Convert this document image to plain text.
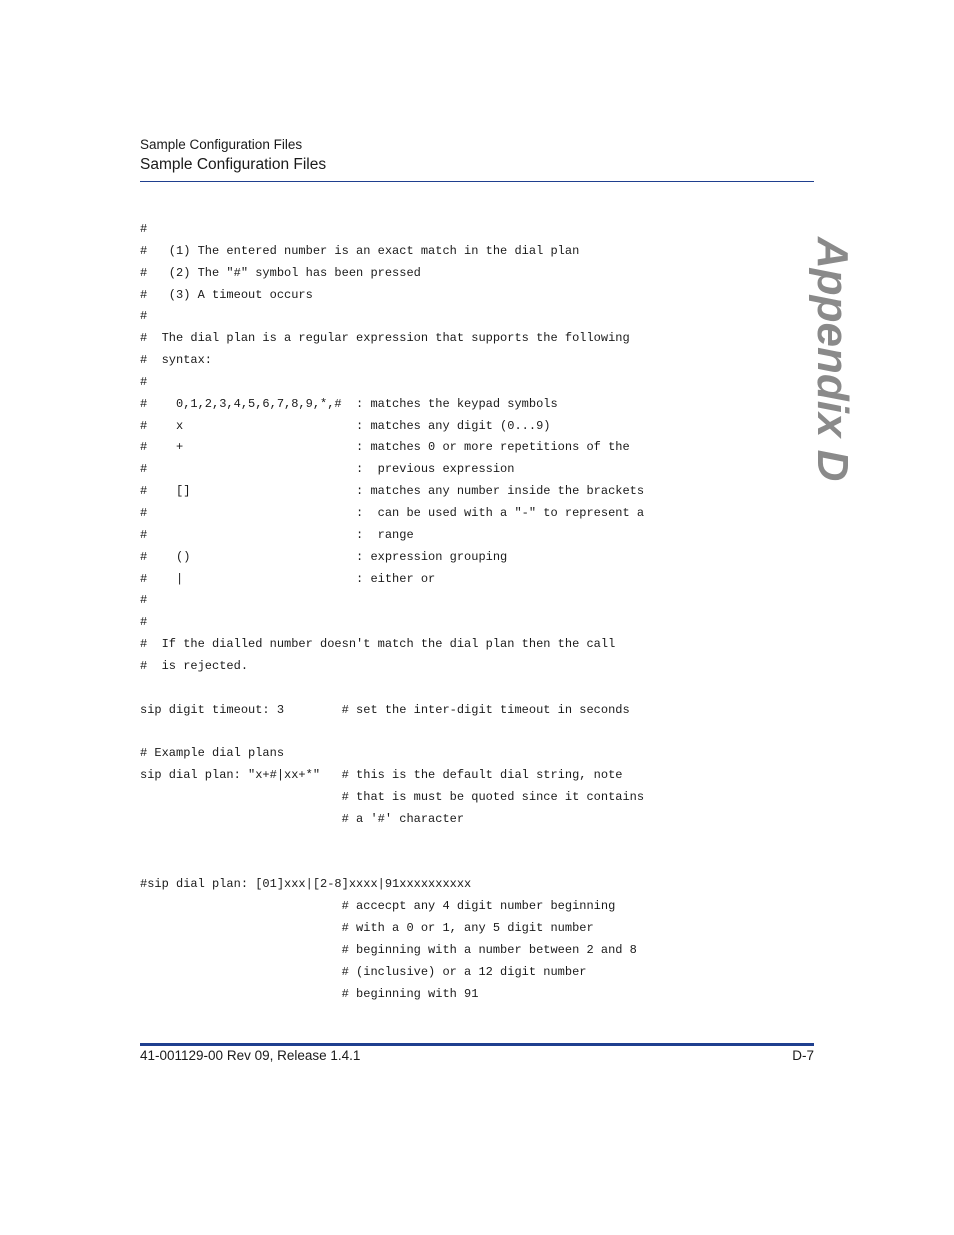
Sample Configuration Files
Sample Configuration Files
Appendix D
#
#   (1) The entered number is an exact match in the dial plan
#   (2) The "#" symbol has been pressed
#   (3) A timeout occurs
#
#  The dial plan is a regular expression that supports the following
#  syntax:
#
#    0,1,2,3,4,5,6,7,8,9,*,#  : matches the keypad symbols
#    x                        : matches any digit (0...9)
#    +                        : matches 0 or more repetitions of the
#                             :  previous expression
#    []                       : matches any number inside the brackets
#                             :  can be used with a "-" to represent a
#                             :  range
#    ()                       : expression grouping
#    |                        : either or
#
#
#  If the dialled number doesn't match the dial plan then the call
#  is rejected.
sip digit timeout: 3        # set the inter-digit timeout in seconds
# Example dial plans
sip dial plan: "x+#|xx+*"   # this is the default dial string, note
# that is must be quoted since it contains
# a '#' character
#sip dial plan: [01]xxx|[2-8]xxxx|91xxxxxxxxxx
# accecpt any 4 digit number beginning
# with a 0 or 1, any 5 digit number
# beginning with a number between 2 and 8
# (inclusive) or a 12 digit number
# beginning with 91
41-001129-00 Rev 09, Release 1.4.1	D-7
